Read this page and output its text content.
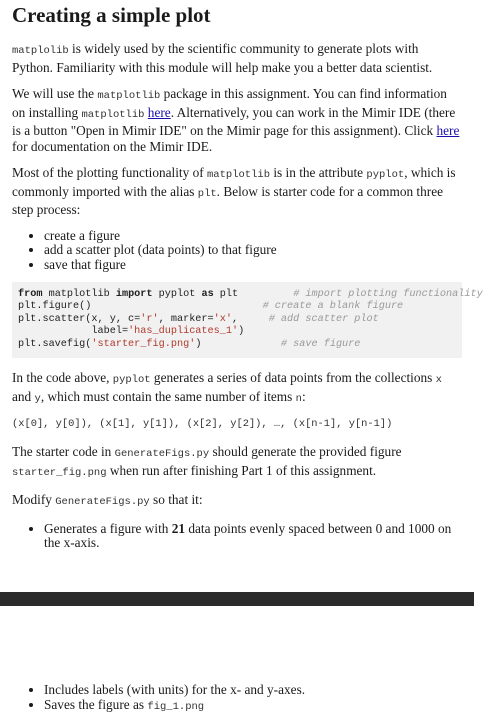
Creating a simple plot

matplolib is widely used by the scientific community to generate plots with Python. Familiarity with this module will help make you a better data scientist.

We will use the matplotlib package in this assignment. You can find information on installing matplotlib here. Alternatively, you can work in the Mimir IDE (there is a button "Open in Mimir IDE" on the Mimir page for this assignment). Click here for documentation on the Mimir IDE.

Most of the plotting functionality of matplotlib is in the attribute pyplot, which is commonly imported with the alias plt. Below is starter code for a common three step process:

• create a figure
• add a scatter plot (data points) to that figure
• save that figure
from matplotlib import pyplot as plt	# import plotting functionality
plt.figure()	# create a blank figure
plt.scatter(x, y, c='r', marker='x',	# add scatter plot
label='has_duplicates_1')
plt.savefig('starter_fig.png')	# save figure

In the code above, pyplot generates a series of data points from the collections x and y, which must contain the same number of items n:

(x[0], y[0]), (x[1], y[1]), (x[2], y[2]), …, (x[n-1], y[n-1])

The starter code in GenerateFigs.py should generate the provided figure starter_fig.png when run after finishing Part 1 of this assignment.

Modify GenerateFigs.py so that it:

• Generates a figure with 21 data points evenly spaced between 0 and 1000 on the x-axis.
• Includes labels (with units) for the x- and y-axes.
• Saves the figure as fig_1.png
